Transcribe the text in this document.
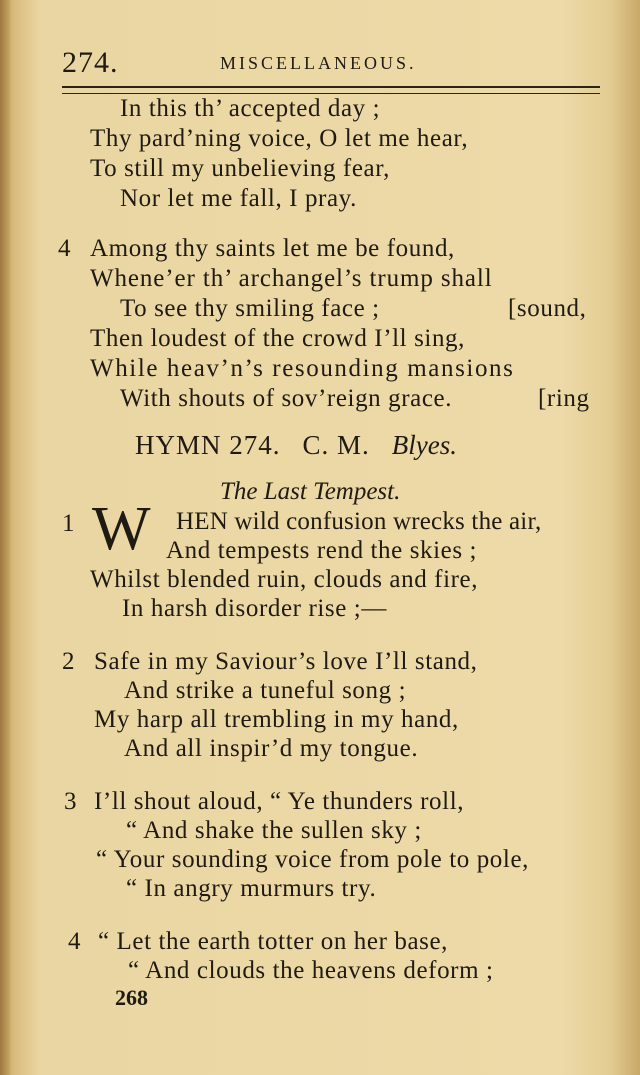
274.	MISCELLANEOUS.
In this th’ accepted day ;
Thy pard’ning voice, O let me hear,
To still my unbelieving fear,
Nor let me fall, I pray.
4 Among thy saints let me be found,
Whene’er th’ archangel’s trump shall
To see thy smiling face ;	[sound,
Then loudest of the crowd I’ll sing,
While heav’n’s resounding mansions
With shouts of sov’reign grace.	[ring
HYMN 274. C. M. Blyes.
The Last Tempest.
1 W HEN wild confusion wrecks the air,
And tempests rend the skies ;
Whilst blended ruin, clouds and fire,
In harsh disorder rise ;—
2 Safe in my Saviour’s love I’ll stand,
And strike a tuneful song ;
My harp all trembling in my hand,
And all inspir’d my tongue.
3 I’ll shout aloud, “ Ye thunders roll,
“ And shake the sullen sky ;
“ Your sounding voice from pole to pole,
“ In angry murmurs try.
4 “ Let the earth totter on her base,
“ And clouds the heavens deform ;
268
